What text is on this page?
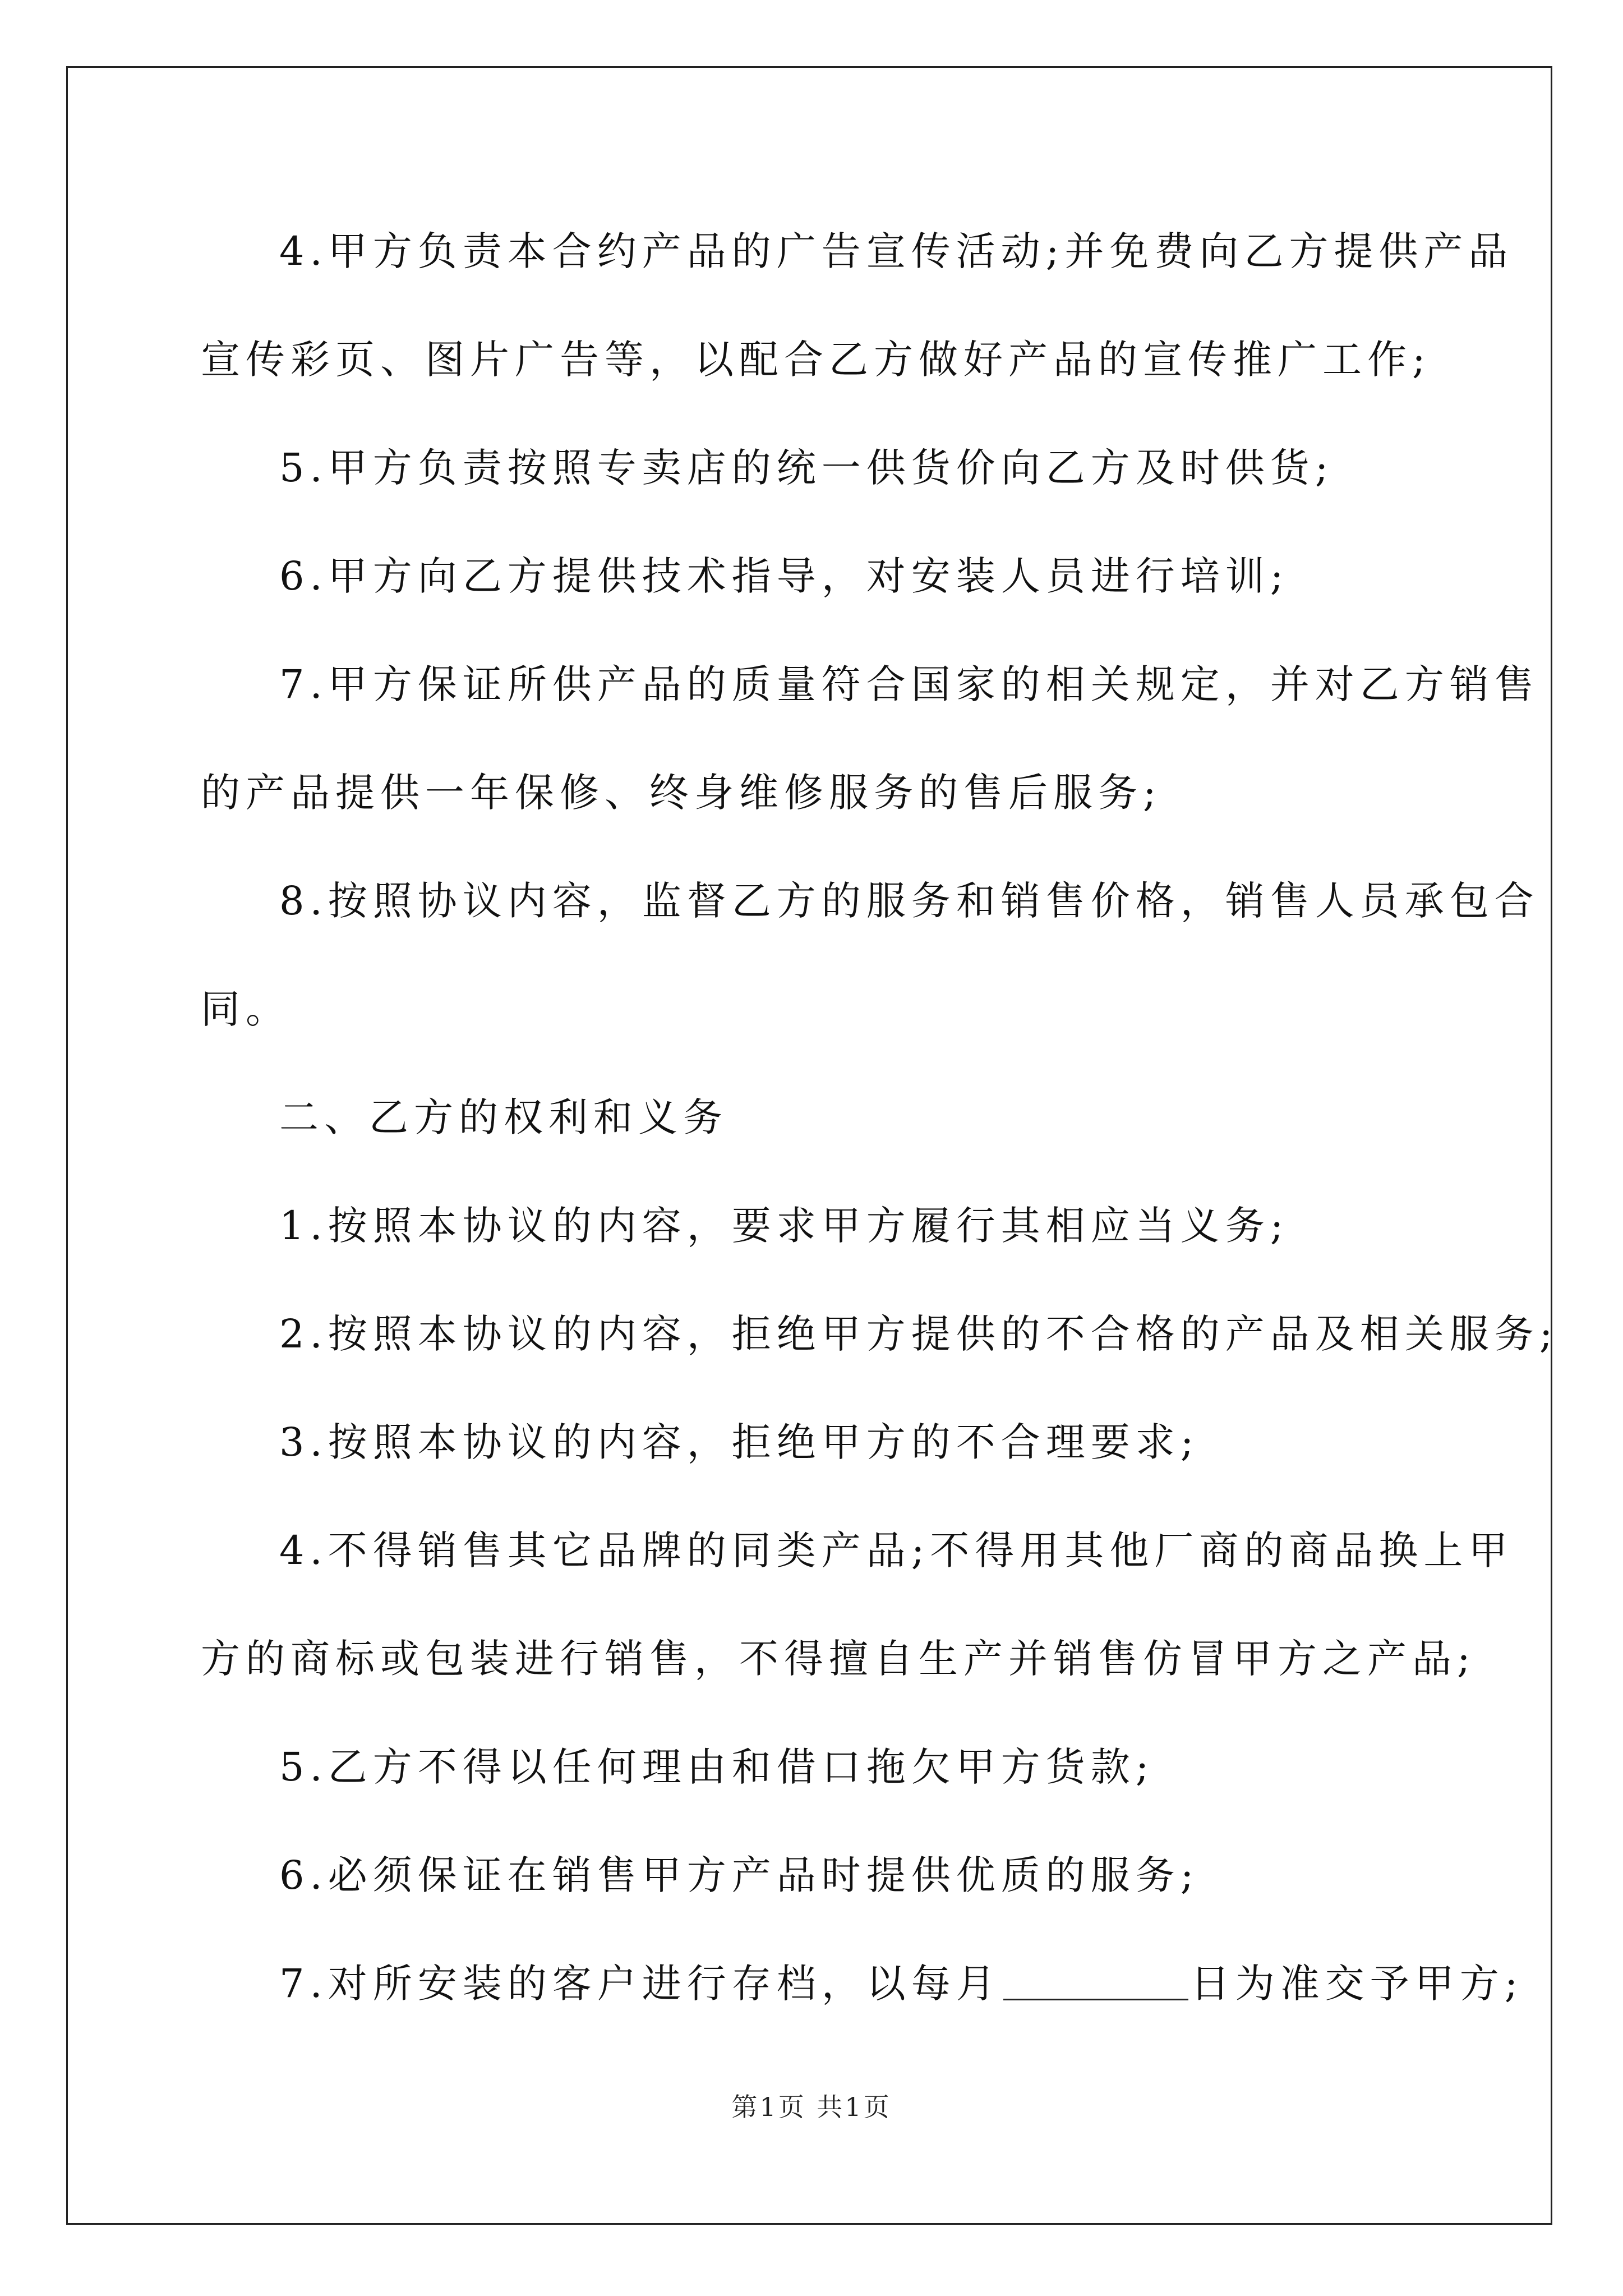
4.甲方负责本合约产品的广告宣传活动;并免费向乙方提供产品
宣传彩页、图片广告等，以配合乙方做好产品的宣传推广工作;
5.甲方负责按照专卖店的统一供货价向乙方及时供货;
6.甲方向乙方提供技术指导，对安装人员进行培训;
7.甲方保证所供产品的质量符合国家的相关规定，并对乙方销售
的产品提供一年保修、终身维修服务的售后服务;
8.按照协议内容，监督乙方的服务和销售价格，销售人员承包合
同。
二、乙方的权利和义务
1.按照本协议的内容，要求甲方履行其相应当义务;
2.按照本协议的内容，拒绝甲方提供的不合格的产品及相关服务;
3.按照本协议的内容，拒绝甲方的不合理要求;
4.不得销售其它品牌的同类产品;不得用其他厂商的商品换上甲
方的商标或包装进行销售，不得擅自生产并销售仿冒甲方之产品;
5.乙方不得以任何理由和借口拖欠甲方货款;
6.必须保证在销售甲方产品时提供优质的服务;
7.对所安装的客户进行存档，以每月	日为准交予甲方;
第1页 共1页
